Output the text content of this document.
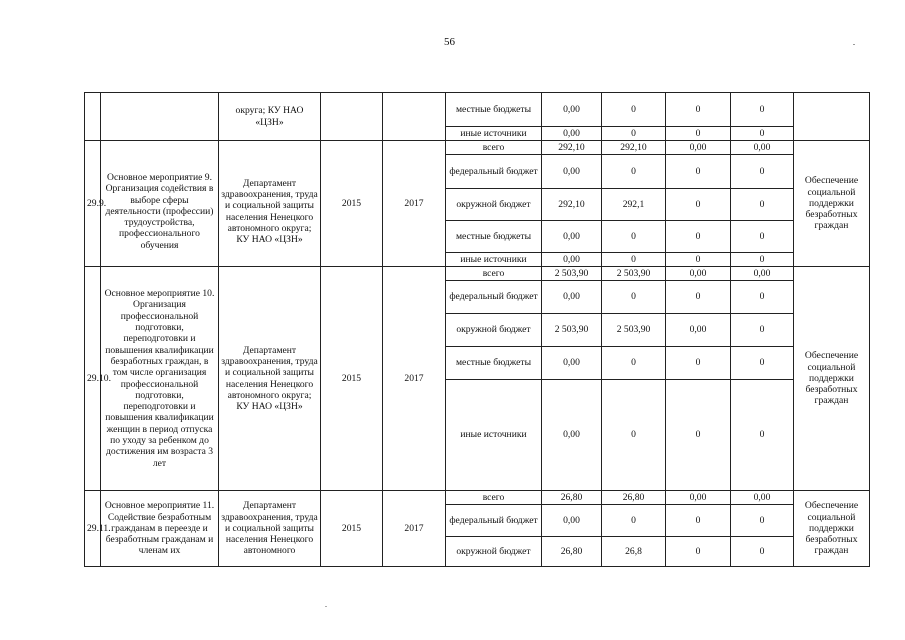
56
		округа; КУ НАО «ЦЗН»			местные бюджеты	0,00	0	0	0	
					иные источники	0,00	0	0	0	
29.9.	Основное мероприятие 9. Организация содействия в выборе сферы деятельности (профессии) трудоустройства, профессионального обучения	Департамент здравоохранения, труда и социальной защиты населения Ненецкого автономного округа; КУ НАО «ЦЗН»	2015	2017	всего	292,10	292,10	0,00	0,00	Обеспечение социальной поддержки безработных граждан
					федеральный бюджет	0,00	0	0	0	
					окружной бюджет	292,10	292,1	0	0	
					местные бюджеты	0,00	0	0	0	
					иные источники	0,00	0	0	0	
29.10.	Основное мероприятие 10. Организация профессиональной подготовки, переподготовки и повышения квалификации безработных граждан, в том числе организация профессиональной подготовки, переподготовки и повышения квалификации женщин в период отпуска по уходу за ребенком до достижения им возраста 3 лет	Департамент здравоохранения, труда и социальной защиты населения Ненецкого автономного округа; КУ НАО «ЦЗН»	2015	2017	всего	2 503,90	2 503,90	0,00	0,00	Обеспечение социальной поддержки безработных граждан
					федеральный бюджет	0,00	0	0	0	
					окружной бюджет	2 503,90	2 503,90	0,00	0	
					местные бюджеты	0,00	0	0	0	
					иные источники	0,00	0	0	0	
29.11.	Основное мероприятие 11. Содействие безработным гражданам в переезде и безработным гражданам и членам их	Департамент здравоохранения, труда и социальной защиты населения Ненецкого автономного	2015	2017	всего	26,80	26,80	0,00	0,00	Обеспечение социальной поддержки безработных граждан
					федеральный бюджет	0,00	0	0	0	
					окружной бюджет	26,80	26,8	0	0	
